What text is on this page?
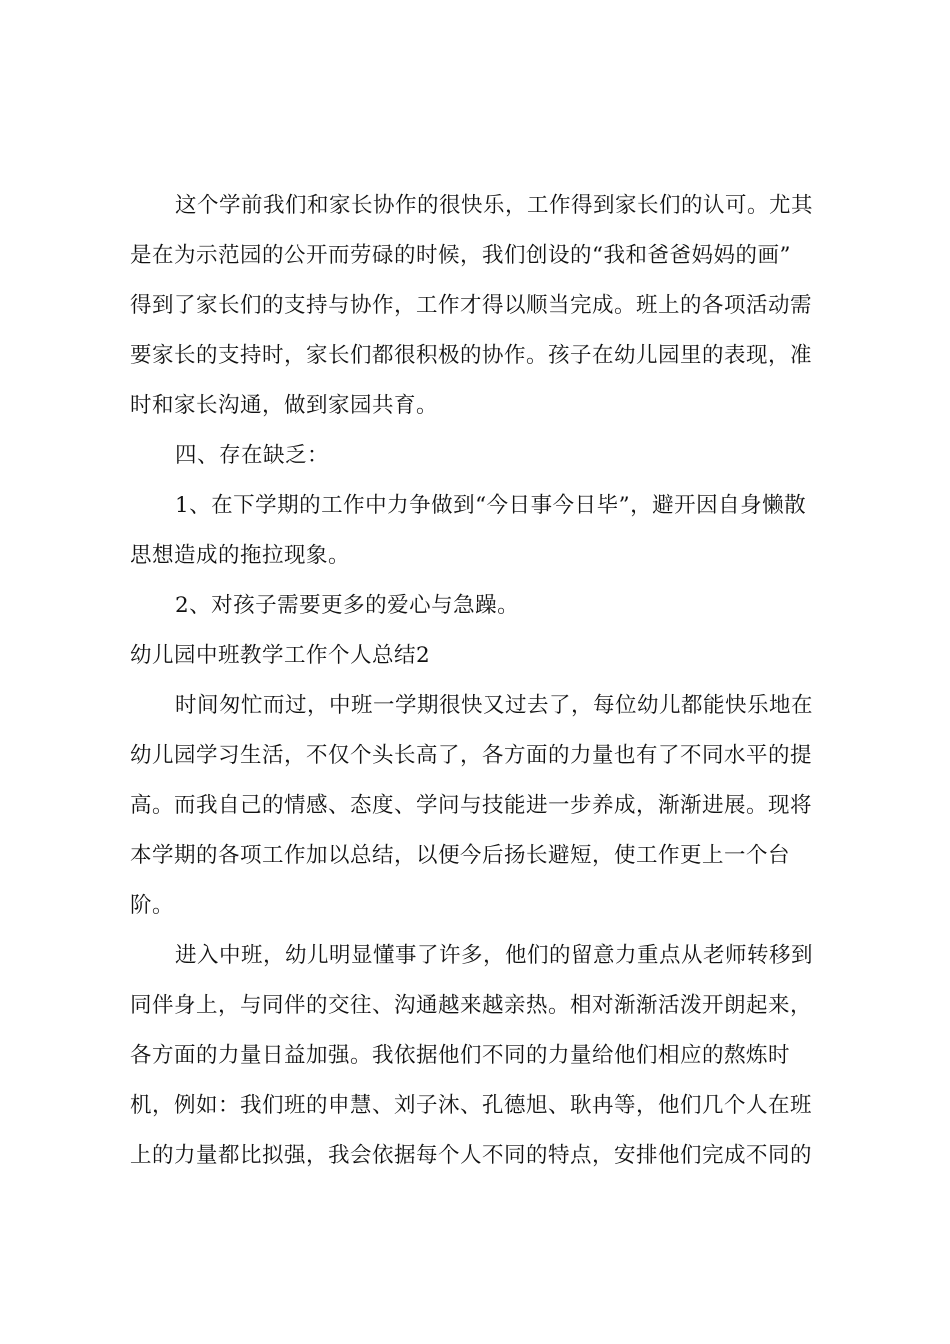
这个学前我们和家长协作的很快乐，工作得到家长们的认可。尤其
是在为示范园的公开而劳碌的时候，我们创设的“我和爸爸妈妈的画”
得到了家长们的支持与协作，工作才得以顺当完成。班上的各项活动需
要家长的支持时，家长们都很积极的协作。孩子在幼儿园里的表现，准
时和家长沟通，做到家园共育。
四、存在缺乏：
1、在下学期的工作中力争做到“今日事今日毕”，避开因自身懒散
思想造成的拖拉现象。
2、对孩子需要更多的爱心与急躁。
幼儿园中班教学工作个人总结2
时间匆忙而过，中班一学期很快又过去了，每位幼儿都能快乐地在
幼儿园学习生活，不仅个头长高了，各方面的力量也有了不同水平的提
高。而我自己的情感、态度、学问与技能进一步养成，渐渐进展。现将
本学期的各项工作加以总结，以便今后扬长避短，使工作更上一个台
阶。
进入中班，幼儿明显懂事了许多，他们的留意力重点从老师转移到
同伴身上，与同伴的交往、沟通越来越亲热。相对渐渐活泼开朗起来，
各方面的力量日益加强。我依据他们不同的力量给他们相应的熬炼时
机，例如：我们班的申慧、刘子沐、孔德旭、耿冉等，他们几个人在班
上的力量都比拟强，我会依据每个人不同的特点，安排他们完成不同的
